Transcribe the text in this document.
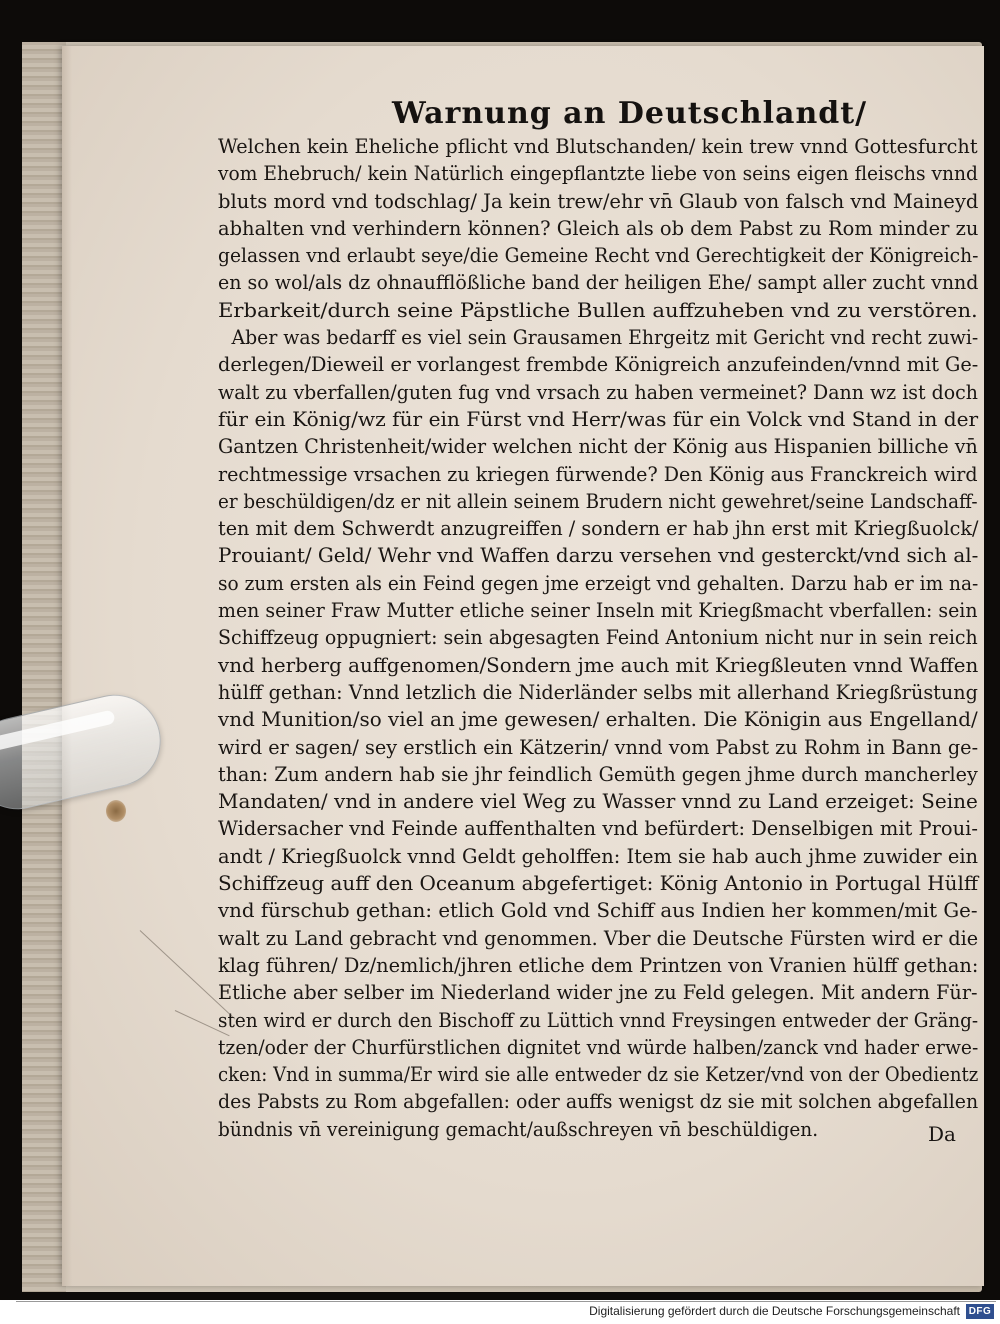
Warnung an Deutschlandt/
Welchen kein Eheliche pflicht vnd Blutschanden/ kein trew vnnd Gottesfurcht
vom Ehebruch/ kein Natürlich eingepflantzte liebe von seins eigen fleischs vnnd
bluts mord vnd todschlag/ Ja kein trew/ehr vn̄ Glaub von falsch vnd Maineyd
abhalten vnd verhindern können? Gleich als ob dem Pabst zu Rom minder zu
gelassen vnd erlaubt seye/die Gemeine Recht vnd Gerechtigkeit der Königreich-
en so wol/als dz ohnaufflößliche band der heiligen Ehe/ sampt aller zucht vnnd
Erbarkeit/durch seine Päpstliche Bullen auffzuheben vnd zu verstören.
Aber was bedarff es viel sein Grausamen Ehrgeitz mit Gericht vnd recht zuwi-
derlegen/Dieweil er vorlangest frembde Königreich anzufeinden/vnnd mit Ge-
walt zu vberfallen/guten fug vnd vrsach zu haben vermeinet? Dann wz ist doch
für ein König/wz für ein Fürst vnd Herr/was für ein Volck vnd Stand in der
Gantzen Christenheit/wider welchen nicht der König aus Hispanien billiche vn̄
rechtmessige vrsachen zu kriegen fürwende? Den König aus Franckreich wird
er beschüldigen/dz er nit allein seinem Brudern nicht gewehret/seine Landschaff-
ten mit dem Schwerdt anzugreiffen / sondern er hab jhn erst mit Kriegßuolck/
Prouiant/ Geld/ Wehr vnd Waffen darzu versehen vnd gesterckt/vnd sich al-
so zum ersten als ein Feind gegen jme erzeigt vnd gehalten. Darzu hab er im na-
men seiner Fraw Mutter etliche seiner Inseln mit Kriegßmacht vberfallen: sein
Schiffzeug oppugniert: sein abgesagten Feind Antonium nicht nur in sein reich
vnd herberg auffgenomen/Sondern jme auch mit Kriegßleuten vnnd Waffen
hülff gethan: Vnnd letzlich die Niderländer selbs mit allerhand Kriegßrüstung
vnd Munition/so viel an jme gewesen/ erhalten. Die Königin aus Engelland/
wird er sagen/ sey erstlich ein Kätzerin/ vnnd vom Pabst zu Rohm in Bann ge-
than: Zum andern hab sie jhr feindlich Gemüth gegen jhme durch mancherley
Mandaten/ vnd in andere viel Weg zu Wasser vnnd zu Land erzeiget: Seine
Widersacher vnd Feinde auffenthalten vnd befürdert: Denselbigen mit Proui-
andt / Kriegßuolck vnnd Geldt geholffen: Item sie hab auch jhme zuwider ein
Schiffzeug auff den Oceanum abgefertiget: König Antonio in Portugal Hülff
vnd fürschub gethan: etlich Gold vnd Schiff aus Indien her kommen/mit Ge-
walt zu Land gebracht vnd genommen. Vber die Deutsche Fürsten wird er die
klag führen/ Dz/nemlich/jhren etliche dem Printzen von Vranien hülff gethan:
Etliche aber selber im Niederland wider jne zu Feld gelegen. Mit andern Für-
sten wird er durch den Bischoff zu Lüttich vnnd Freysingen entweder der Gräng-
tzen/oder der Churfürstlichen dignitet vnd würde halben/zanck vnd hader erwe-
cken: Vnd in summa/Er wird sie alle entweder dz sie Ketzer/vnd von der Obedientz
des Pabsts zu Rom abgefallen: oder auffs wenigst dz sie mit solchen abgefallen
bündnis vn̄ vereinigung gemacht/außschreyen vn̄ beschüldigen.	Da
Digitalisierung gefördert durch die Deutsche Forschungsgemeinschaft DFG
